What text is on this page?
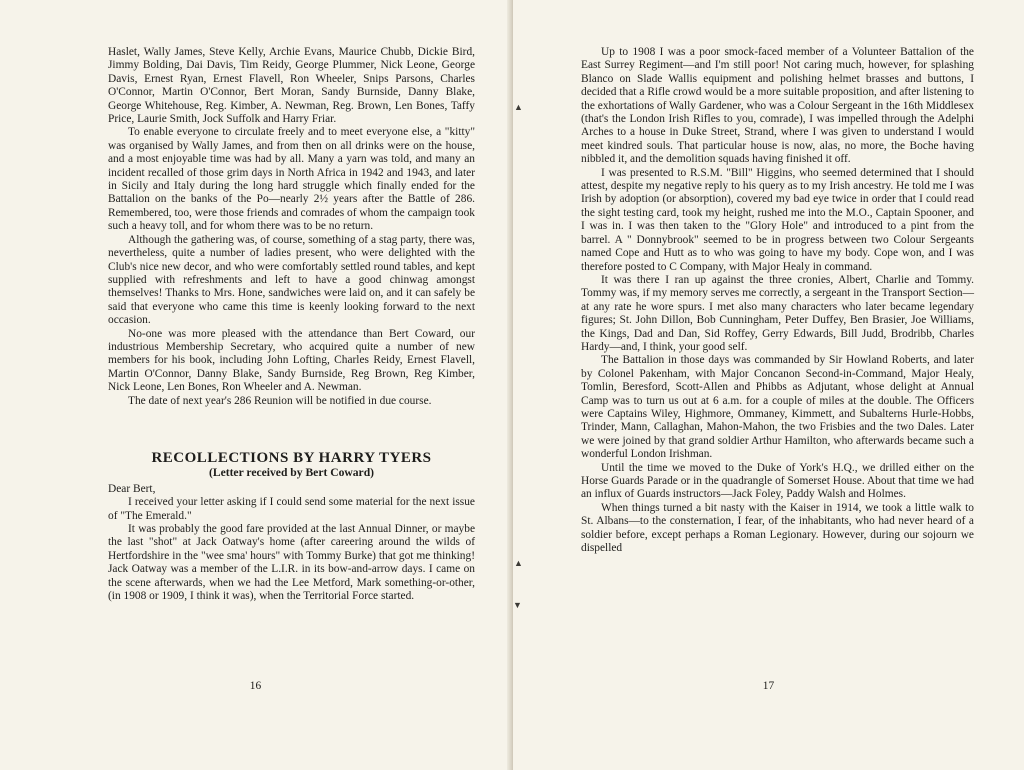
Haslet, Wally James, Steve Kelly, Archie Evans, Maurice Chubb, Dickie Bird, Jimmy Bolding, Dai Davis, Tim Reidy, George Plummer, Nick Leone, George Davis, Ernest Ryan, Ernest Flavell, Ron Wheeler, Snips Parsons, Charles O'Connor, Martin O'Connor, Bert Moran, Sandy Burnside, Danny Blake, George Whitehouse, Reg. Kimber, A. Newman, Reg. Brown, Len Bones, Taffy Price, Laurie Smith, Jock Suffolk and Harry Friar.

To enable everyone to circulate freely and to meet everyone else, a "kitty" was organised by Wally James, and from then on all drinks were on the house, and a most enjoyable time was had by all. Many a yarn was told, and many an incident recalled of those grim days in North Africa in 1942 and 1943, and later in Sicily and Italy during the long hard struggle which finally ended for the Battalion on the banks of the Po—nearly 2½ years after the Battle of 286. Remembered, too, were those friends and comrades of whom the campaign took such a heavy toll, and for whom there was to be no return.

Although the gathering was, of course, something of a stag party, there was, nevertheless, quite a number of ladies present, who were delighted with the Club's nice new decor, and who were comfortably settled round tables, and kept supplied with refreshments and left to have a good chinwag amongst themselves! Thanks to Mrs. Hone, sandwiches were laid on, and it can safely be said that everyone who came this time is keenly looking forward to the next occasion.

No-one was more pleased with the attendance than Bert Coward, our industrious Membership Secretary, who acquired quite a number of new members for his book, including John Lofting, Charles Reidy, Ernest Flavell, Martin O'Connor, Danny Blake, Sandy Burnside, Reg Brown, Reg Kimber, Nick Leone, Len Bones, Ron Wheeler and A. Newman.

The date of next year's 286 Reunion will be notified in due course.

RECOLLECTIONS BY HARRY TYERS
(Letter received by Bert Coward)

Dear Bert,

I received your letter asking if I could send some material for the next issue of "The Emerald."

It was probably the good fare provided at the last Annual Dinner, or maybe the last "shot" at Jack Oatway's home (after careering around the wilds of Hertfordshire in the "wee sma' hours" with Tommy Burke) that got me thinking! Jack Oatway was a member of the L.I.R. in its bow-and-arrow days. I came on the scene afterwards, when we had the Lee Metford, Mark something-or-other, (in 1908 or 1909, I think it was), when the Territorial Force started.

16

Up to 1908 I was a poor smock-faced member of a Volunteer Battalion of the East Surrey Regiment—and I'm still poor! Not caring much, however, for splashing Blanco on Slade Wallis equipment and polishing helmet brasses and buttons, I decided that a Rifle crowd would be a more suitable proposition, and after listening to the exhortations of Wally Gardener, who was a Colour Sergeant in the 16th Middlesex (that's the London Irish Rifles to you, comrade), I was impelled through the Adelphi Arches to a house in Duke Street, Strand, where I was given to understand I would meet kindred souls. That particular house is now, alas, no more, the Boche having nibbled it, and the demolition squads having finished it off.

I was presented to R.S.M. "Bill" Higgins, who seemed determined that I should attest, despite my negative reply to his query as to my Irish ancestry. He told me I was Irish by adoption (or absorption), covered my bad eye twice in order that I could read the sight testing card, took my height, rushed me into the M.O., Captain Spooner, and I was in. I was then taken to the "Glory Hole" and introduced to a pint from the barrel. A " Donnybrook" seemed to be in progress between two Colour Sergeants named Cope and Hutt as to who was going to have my body. Cope won, and I was therefore posted to C Company, with Major Healy in command.

It was there I ran up against the three cronies, Albert, Charlie and Tommy. Tommy was, if my memory serves me correctly, a sergeant in the Transport Section—at any rate he wore spurs. I met also many characters who later became legendary figures; St. John Dillon, Bob Cunningham, Peter Duffey, Ben Brasier, Joe Williams, the Kings, Dad and Dan, Sid Roffey, Gerry Edwards, Bill Judd, Brodribb, Charles Hardy—and, I think, your good self.

The Battalion in those days was commanded by Sir Howland Roberts, and later by Colonel Pakenham, with Major Concanon Second-in-Command, Major Healy, Tomlin, Beresford, Scott-Allen and Phibbs as Adjutant, whose delight at Annual Camp was to turn us out at 6 a.m. for a couple of miles at the double. The Officers were Captains Wiley, Highmore, Ommaney, Kimmett, and Subalterns Hurle-Hobbs, Trinder, Mann, Callaghan, Mahon-Mahon, the two Frisbies and the two Dales. Later we were joined by that grand soldier Arthur Hamilton, who afterwards became such a wonderful London Irishman.

Until the time we moved to the Duke of York's H.Q., we drilled either on the Horse Guards Parade or in the quadrangle of Somerset House. About that time we had an influx of Guards instructors—Jack Foley, Paddy Walsh and Holmes.

When things turned a bit nasty with the Kaiser in 1914, we took a little walk to St. Albans—to the consternation, I fear, of the inhabitants, who had never heard of a soldier before, except perhaps a Roman Legionary. However, during our sojourn we dispelled

17
▲
▲
▼
